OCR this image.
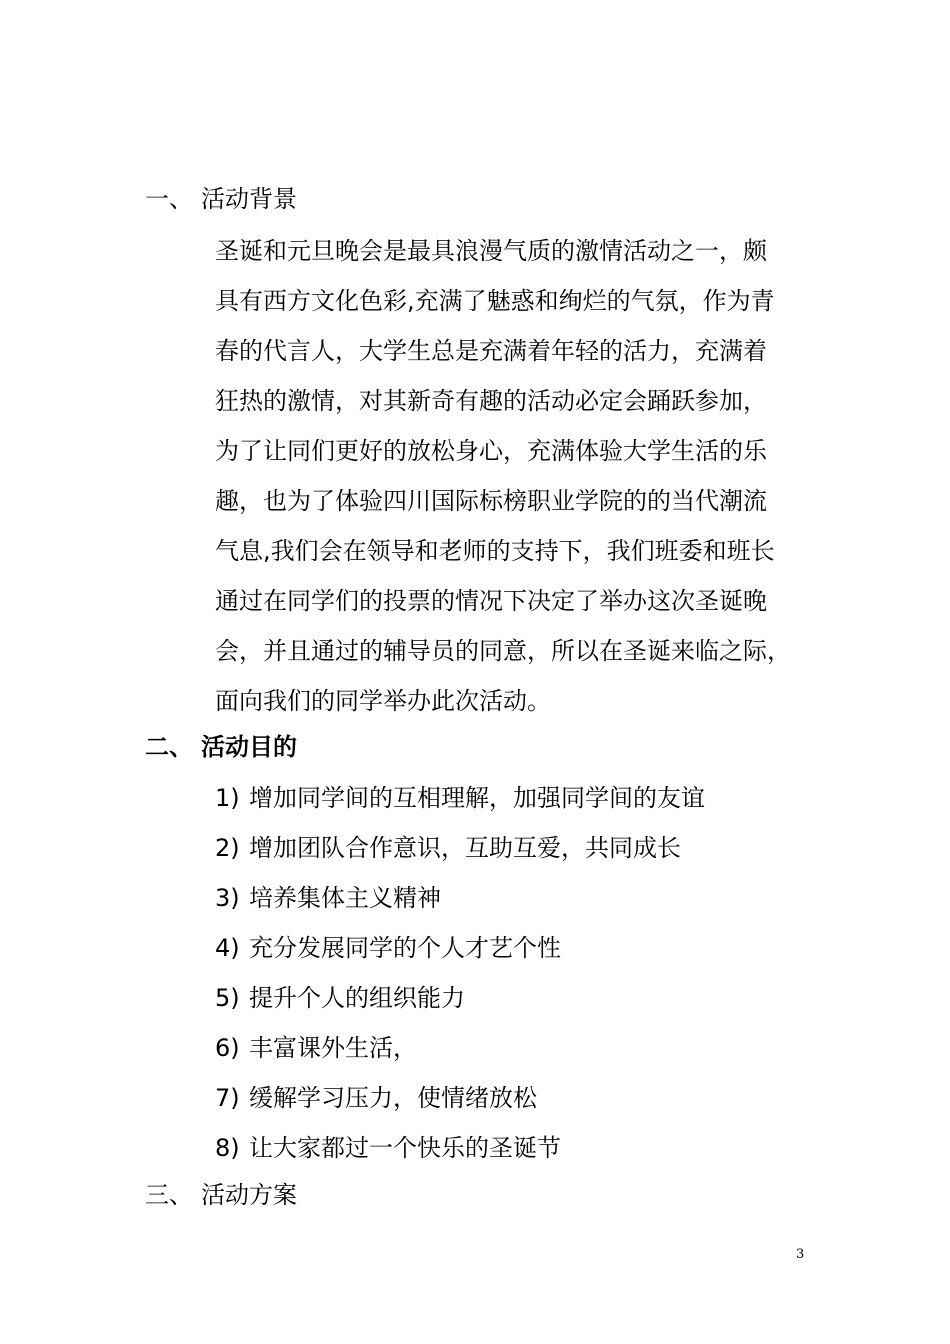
一、 活动背景
圣诞和元旦晚会是最具浪漫气质的激情活动之一，颇
具有西方文化色彩,充满了魅惑和绚烂的气氛，作为青
春的代言人，大学生总是充满着年轻的活力，充满着
狂热的激情，对其新奇有趣的活动必定会踊跃参加，
为了让同们更好的放松身心，充满体验大学生活的乐
趣，也为了体验四川国际标榜职业学院的的当代潮流
气息,我们会在领导和老师的支持下，我们班委和班长
通过在同学们的投票的情况下决定了举办这次圣诞晚
会，并且通过的辅导员的同意，所以在圣诞来临之际，
面向我们的同学举办此次活动。
二、 活动目的
1) 增加同学间的互相理解，加强同学间的友谊
2) 增加团队合作意识，互助互爱，共同成长
3) 培养集体主义精神
4) 充分发展同学的个人才艺个性
5) 提升个人的组织能力
6) 丰富课外生活，
7) 缓解学习压力，使情绪放松
8) 让大家都过一个快乐的圣诞节
三、 活动方案
3
